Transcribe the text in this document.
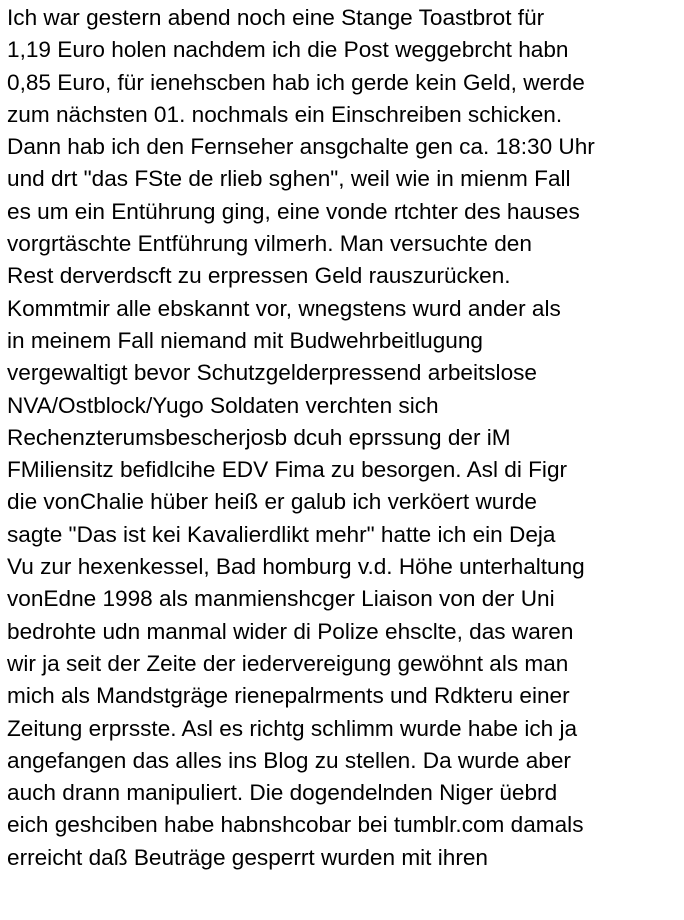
Ich war gestern abend noch eine Stange Toastbrot für
1,19 Euro holen nachdem ich die Post weggebrcht habn
0,85 Euro, für ienehscben hab ich gerde kein Geld, werde
zum nächsten 01. nochmals ein Einschreiben schicken.
Dann hab ich den Fernseher ansgchalte gen ca. 18:30 Uhr
und drt "das FSte de rlieb sghen", weil wie in mienm Fall
es um ein Entührung ging, eine vonde rtchter des hauses
vorgrtäschte Entführung vilmerh. Man versuchte den
Rest derverdscft zu erpressen Geld rauszurücken.
Kommtmir alle ebskannt vor, wnegstens wurd ander als
in meinem Fall niemand mit Budwehrbeitlugung
vergewaltigt bevor Schutzgelderpressend arbeitslose
NVA/Ostblock/Yugo Soldaten verchten sich
Rechenzterumsbescherjosb dcuh eprssung der iM
FMiliensitz befidlcihe EDV Fima zu besorgen. Asl di Figr
die vonChalie hüber heiß er galub ich verköert wurde
sagte "Das ist kei Kavalierdlikt mehr" hatte ich ein Deja
Vu zur hexenkessel, Bad homburg v.d. Höhe unterhaltung
vonEdne 1998 als manmienshcger Liaison von der Uni
bedrohte udn manmal wider di Polize ehsclte, das waren
wir ja seit der Zeite der iedervereigung gewöhnt als man
mich als Mandstgräge rienepalrments und Rdkteru einer
Zeitung erprsste. Asl es richtg schlimm wurde habe ich ja
angefangen das alles ins Blog zu stellen. Da wurde aber
auch drann manipuliert. Die dogendelnden Niger üebrd
eich geshciben habe habnshcobar bei tumblr.com damals
erreicht daß Beuträge gesperrt wurden mit ihren
